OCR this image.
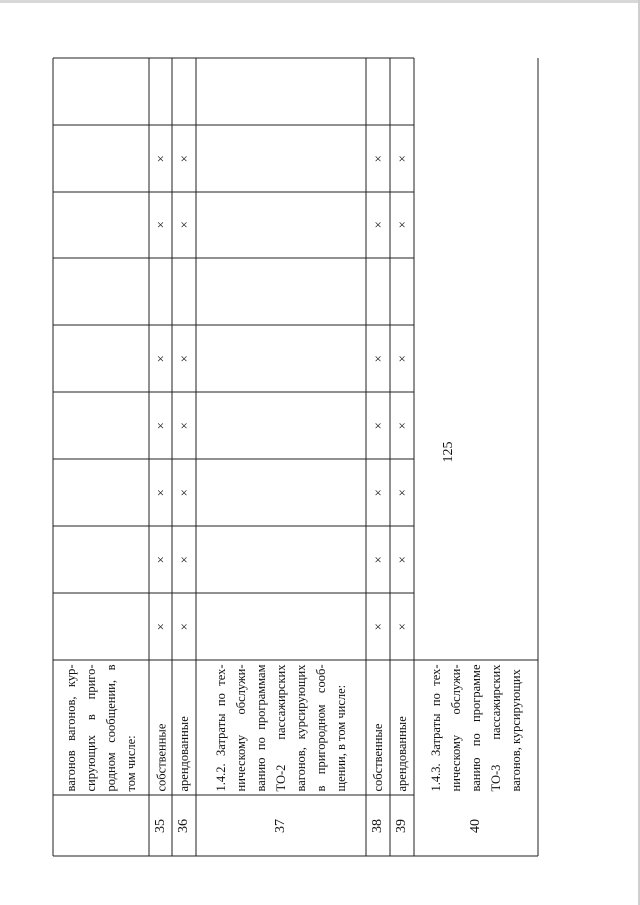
125
вагонов вагонов, кур- сирующих в приго- родном сообщении, в том числе:
35
собственные
×
×
×
×
×
×
×
36
арендованные
×
×
×
×
×
×
×
37
1.4.2. Затраты по тех- ническому обслужи- ванию по программам ТО-2 пассажирских вагонов, курсирующих в пригородном сооб- щении, в том числе:
38
собственные
×
×
×
×
×
×
×
39
арендованные
×
×
×
×
×
×
×
40
1.4.3. Затраты по тех- ническому обслужи- ванию по программе ТО-3 пассажирских вагонов, курсирующих
